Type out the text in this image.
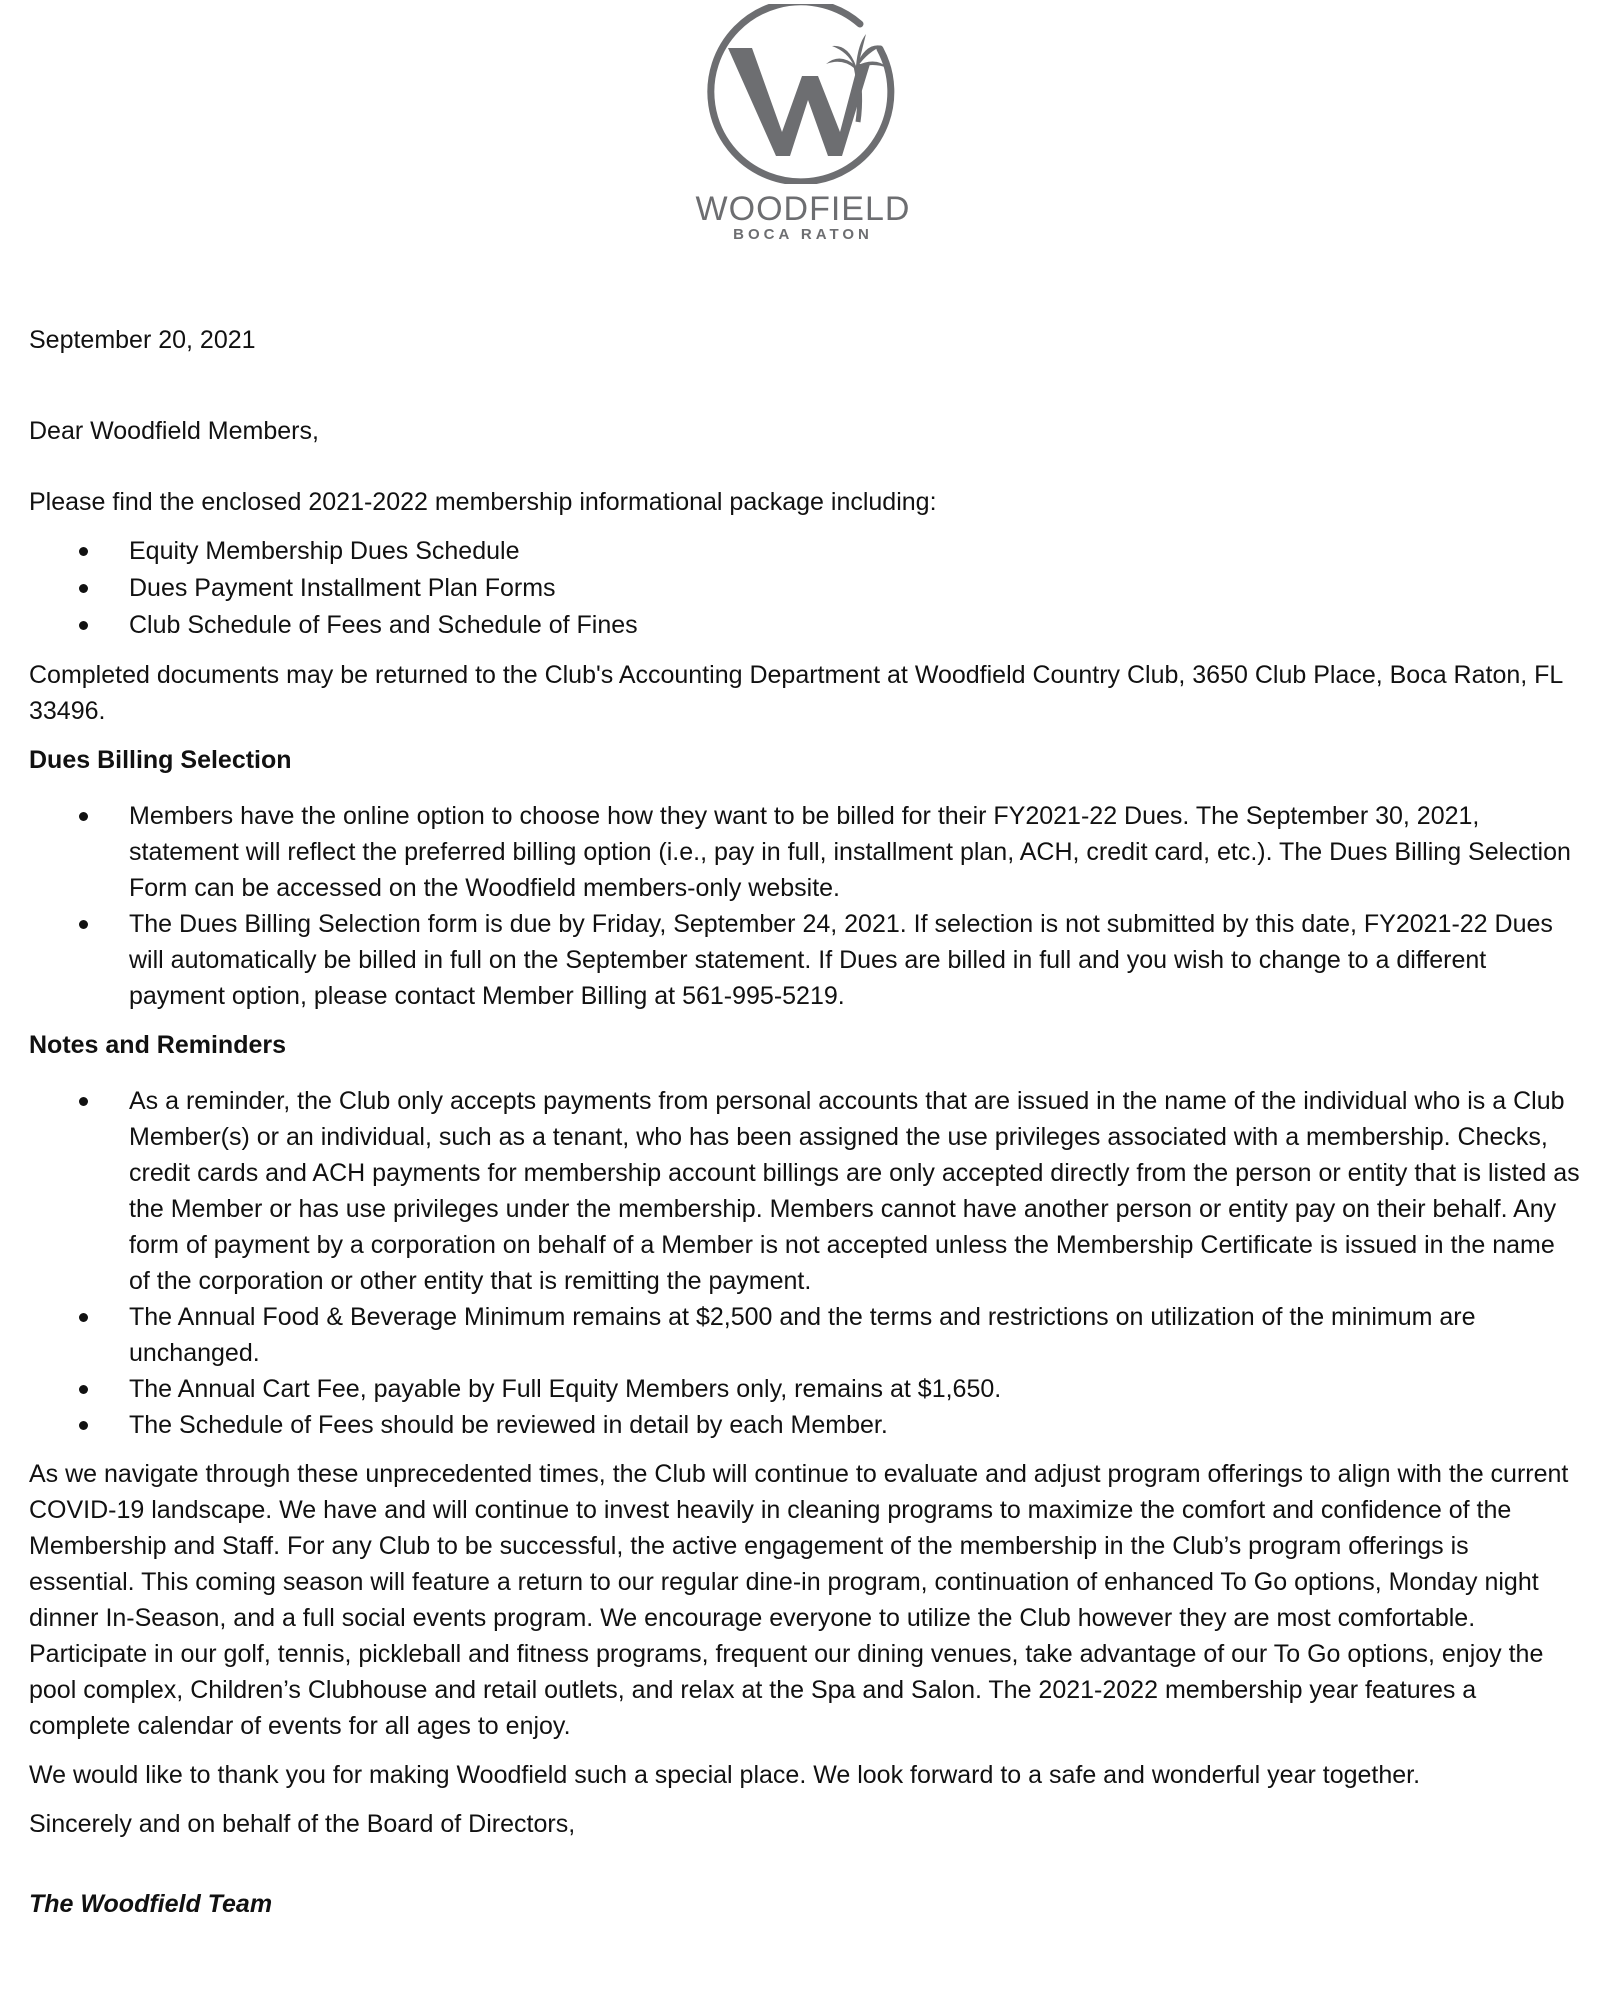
WOODFIELD
BOCA RATON

September 20, 2021

Dear Woodfield Members,

Please find the enclosed 2021-2022 membership informational package including:

Equity Membership Dues Schedule
Dues Payment Installment Plan Forms
Club Schedule of Fees and Schedule of Fines

Completed documents may be returned to the Club's Accounting Department at Woodfield Country Club, 3650 Club Place, Boca Raton, FL 33496.

Dues Billing Selection

Members have the online option to choose how they want to be billed for their FY2021-22 Dues. The September 30, 2021, statement will reflect the preferred billing option (i.e., pay in full, installment plan, ACH, credit card, etc.). The Dues Billing Selection Form can be accessed on the Woodfield members-only website.
The Dues Billing Selection form is due by Friday, September 24, 2021. If selection is not submitted by this date, FY2021-22 Dues will automatically be billed in full on the September statement. If Dues are billed in full and you wish to change to a different payment option, please contact Member Billing at 561-995-5219.

Notes and Reminders

As a reminder, the Club only accepts payments from personal accounts that are issued in the name of the individual who is a Club Member(s) or an individual, such as a tenant, who has been assigned the use privileges associated with a membership. Checks, credit cards and ACH payments for membership account billings are only accepted directly from the person or entity that is listed as the Member or has use privileges under the membership. Members cannot have another person or entity pay on their behalf. Any form of payment by a corporation on behalf of a Member is not accepted unless the Membership Certificate is issued in the name of the corporation or other entity that is remitting the payment.
The Annual Food & Beverage Minimum remains at $2,500 and the terms and restrictions on utilization of the minimum are unchanged.
The Annual Cart Fee, payable by Full Equity Members only, remains at $1,650.
The Schedule of Fees should be reviewed in detail by each Member.

As we navigate through these unprecedented times, the Club will continue to evaluate and adjust program offerings to align with the current COVID-19 landscape. We have and will continue to invest heavily in cleaning programs to maximize the comfort and confidence of the Membership and Staff. For any Club to be successful, the active engagement of the membership in the Club’s program offerings is essential. This coming season will feature a return to our regular dine-in program, continuation of enhanced To Go options, Monday night dinner In-Season, and a full social events program. We encourage everyone to utilize the Club however they are most comfortable. Participate in our golf, tennis, pickleball and fitness programs, frequent our dining venues, take advantage of our To Go options, enjoy the pool complex, Children’s Clubhouse and retail outlets, and relax at the Spa and Salon. The 2021-2022 membership year features a complete calendar of events for all ages to enjoy.

We would like to thank you for making Woodfield such a special place. We look forward to a safe and wonderful year together.

Sincerely and on behalf of the Board of Directors,

The Woodfield Team
